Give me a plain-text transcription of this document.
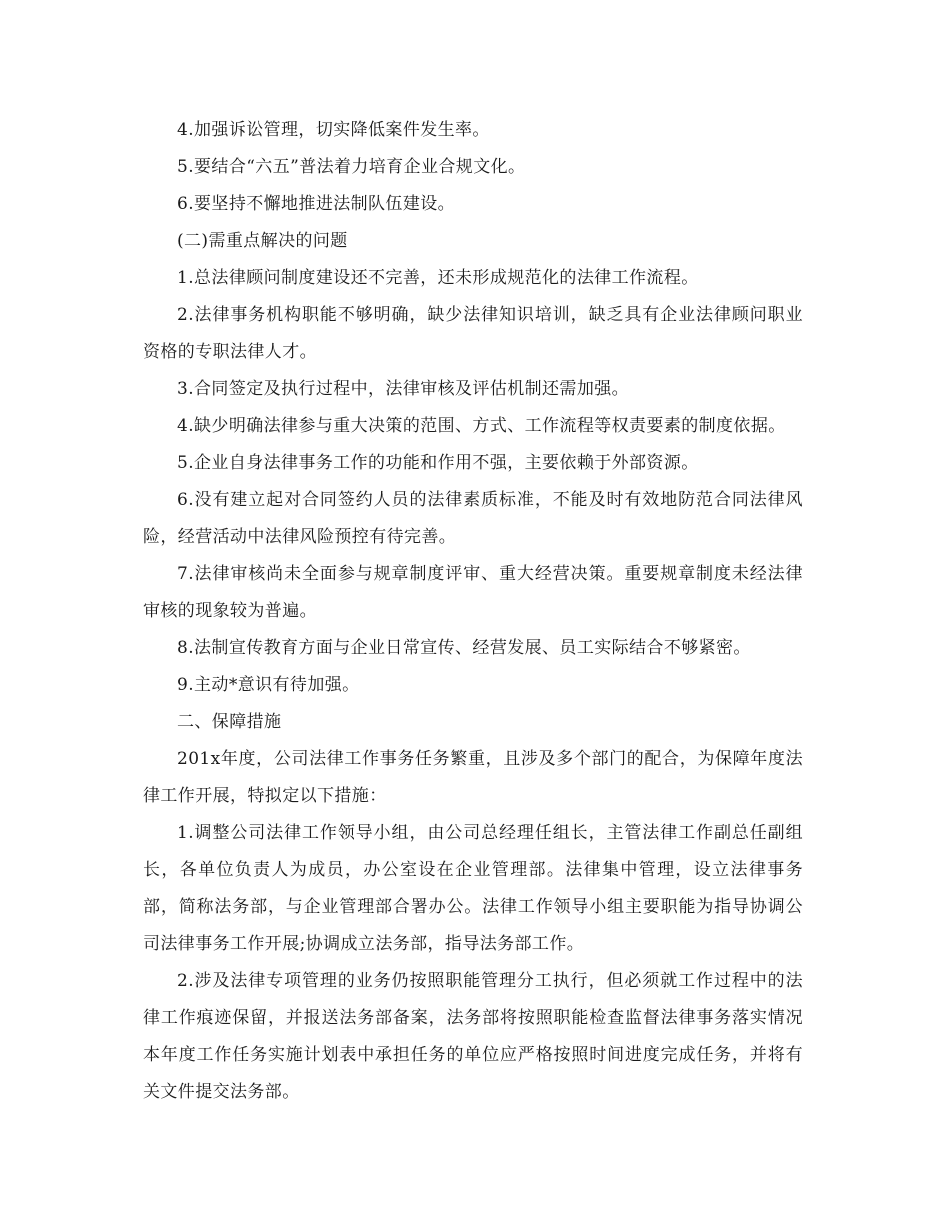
4.加强诉讼管理，切实降低案件发生率。

5.要结合“六五”普法着力培育企业合规文化。

6.要坚持不懈地推进法制队伍建设。

(二)需重点解决的问题

1.总法律顾问制度建设还不完善，还未形成规范化的法律工作流程。

2.法律事务机构职能不够明确，缺少法律知识培训，缺乏具有企业法律顾问职业资格的专职法律人才。

3.合同签定及执行过程中，法律审核及评估机制还需加强。

4.缺少明确法律参与重大决策的范围、方式、工作流程等权责要素的制度依据。

5.企业自身法律事务工作的功能和作用不强，主要依赖于外部资源。

6.没有建立起对合同签约人员的法律素质标准，不能及时有效地防范合同法律风险，经营活动中法律风险预控有待完善。

7.法律审核尚未全面参与规章制度评审、重大经营决策。重要规章制度未经法律审核的现象较为普遍。

8.法制宣传教育方面与企业日常宣传、经营发展、员工实际结合不够紧密。

9.主动*意识有待加强。

二、保障措施

201x年度，公司法律工作事务任务繁重，且涉及多个部门的配合，为保障年度法律工作开展，特拟定以下措施：

1.调整公司法律工作领导小组，由公司总经理任组长，主管法律工作副总任副组长，各单位负责人为成员，办公室设在企业管理部。法律集中管理，设立法律事务部，简称法务部，与企业管理部合署办公。法律工作领导小组主要职能为指导协调公司法律事务工作开展;协调成立法务部，指导法务部工作。

2.涉及法律专项管理的业务仍按照职能管理分工执行，但必须就工作过程中的法律工作痕迹保留，并报送法务部备案，法务部将按照职能检查监督法律事务落实情况本年度工作任务实施计划表中承担任务的单位应严格按照时间进度完成任务，并将有关文件提交法务部。
